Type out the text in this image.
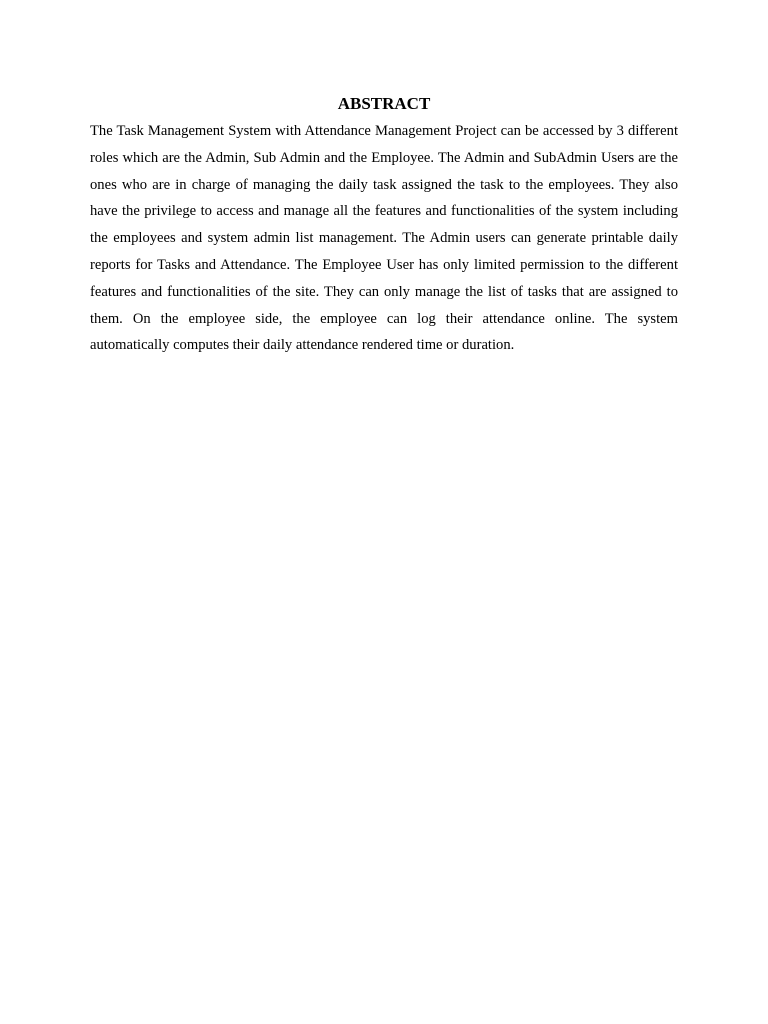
ABSTRACT

The Task Management System with Attendance Management Project can be accessed by 3 different roles which are the Admin, Sub Admin and the Employee. The Admin and SubAdmin Users are the ones who are in charge of managing the daily task assigned the task to the employees. They also have the privilege to access and manage all the features and functionalities of the system including the employees and system admin list management. The Admin users can generate printable daily reports for Tasks and Attendance. The Employee User has only limited permission to the different features and functionalities of the site. They can only manage the list of tasks that are assigned to them. On the employee side, the employee can log their attendance online. The system automatically computes their daily attendance rendered time or duration.
